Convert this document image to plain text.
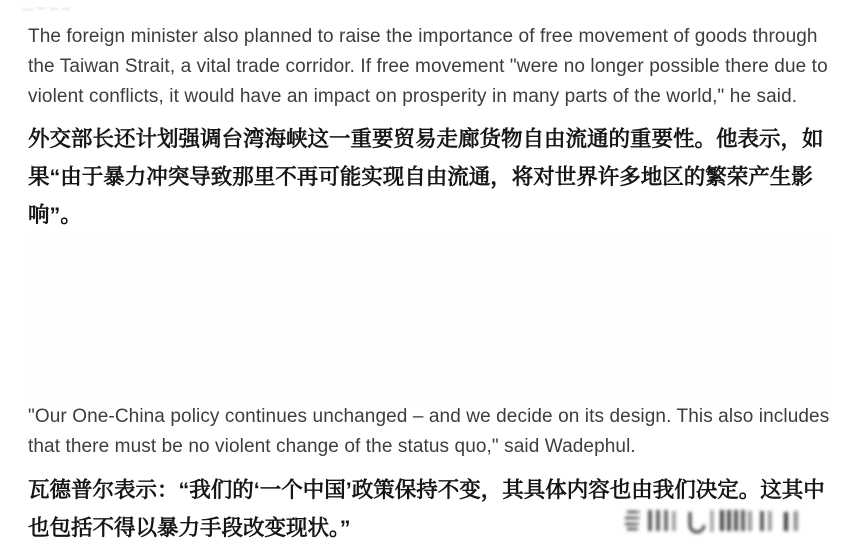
The foreign minister also planned to raise the importance of free movement of goods through the Taiwan Strait, a vital trade corridor. If free movement "were no longer possible there due to violent conflicts, it would have an impact on prosperity in many parts of the world," he said.

外交部长还计划强调台湾海峡这一重要贸易走廊货物自由流通的重要性。他表示，如果“由于暴力冲突导致那里不再可能实现自由流通，将对世界许多地区的繁荣产生影响”。

"Our One-China policy continues unchanged – and we decide on its design. This also includes that there must be no violent change of the status quo," said Wadephul.

瓦德普尔表示：“我们的‘一个中国’政策保持不变，其具体内容也由我们决定。这其中也包括不得以暴力手段改变现状。”
